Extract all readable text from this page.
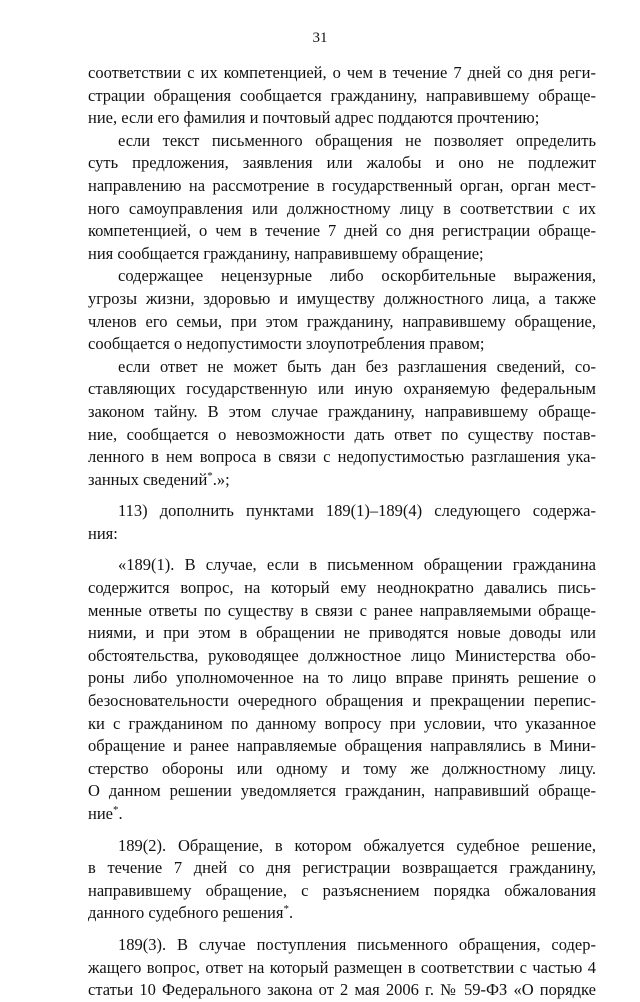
31
соответствии с их компетенцией, о чем в течение 7 дней со дня реги-
страции обращения сообщается гражданину, направившему обраще-
ние, если его фамилия и почтовый адрес поддаются прочтению;
если текст письменного обращения не позволяет определить
суть предложения, заявления или жалобы и оно не подлежит
направлению на рассмотрение в государственный орган, орган мест-
ного самоуправления или должностному лицу в соответствии с их
компетенцией, о чем в течение 7 дней со дня регистрации обраще-
ния сообщается гражданину, направившему обращение;
содержащее нецензурные либо оскорбительные выражения,
угрозы жизни, здоровью и имуществу должностного лица, а также
членов его семьи, при этом гражданину, направившему обращение,
сообщается о недопустимости злоупотребления правом;
если ответ не может быть дан без разглашения сведений, со-
ставляющих государственную или иную охраняемую федеральным
законом тайну. В этом случае гражданину, направившему обраще-
ние, сообщается о невозможности дать ответ по существу постав-
ленного в нем вопроса в связи с недопустимостью разглашения ука-
занных сведений*.»;
113) дополнить пунктами 189(1)–189(4) следующего содержа-
ния:
«189(1). В случае, если в письменном обращении гражданина
содержится вопрос, на который ему неоднократно давались пись-
менные ответы по существу в связи с ранее направляемыми обраще-
ниями, и при этом в обращении не приводятся новые доводы или
обстоятельства, руководящее должностное лицо Министерства обо-
роны либо уполномоченное на то лицо вправе принять решение о
безосновательности очередного обращения и прекращении перепис-
ки с гражданином по данному вопросу при условии, что указанное
обращение и ранее направляемые обращения направлялись в Мини-
стерство обороны или одному и тому же должностному лицу.
О данном решении уведомляется гражданин, направивший обраще-
ние*.
189(2). Обращение, в котором обжалуется судебное решение,
в течение 7 дней со дня регистрации возвращается гражданину,
направившему обращение, с разъяснением порядка обжалования
данного судебного решения*.
189(3). В случае поступления письменного обращения, содер-
жащего вопрос, ответ на который размещен в соответствии с частью 4
статьи 10 Федерального закона от 2 мая 2006 г. № 59-ФЗ «О порядке
